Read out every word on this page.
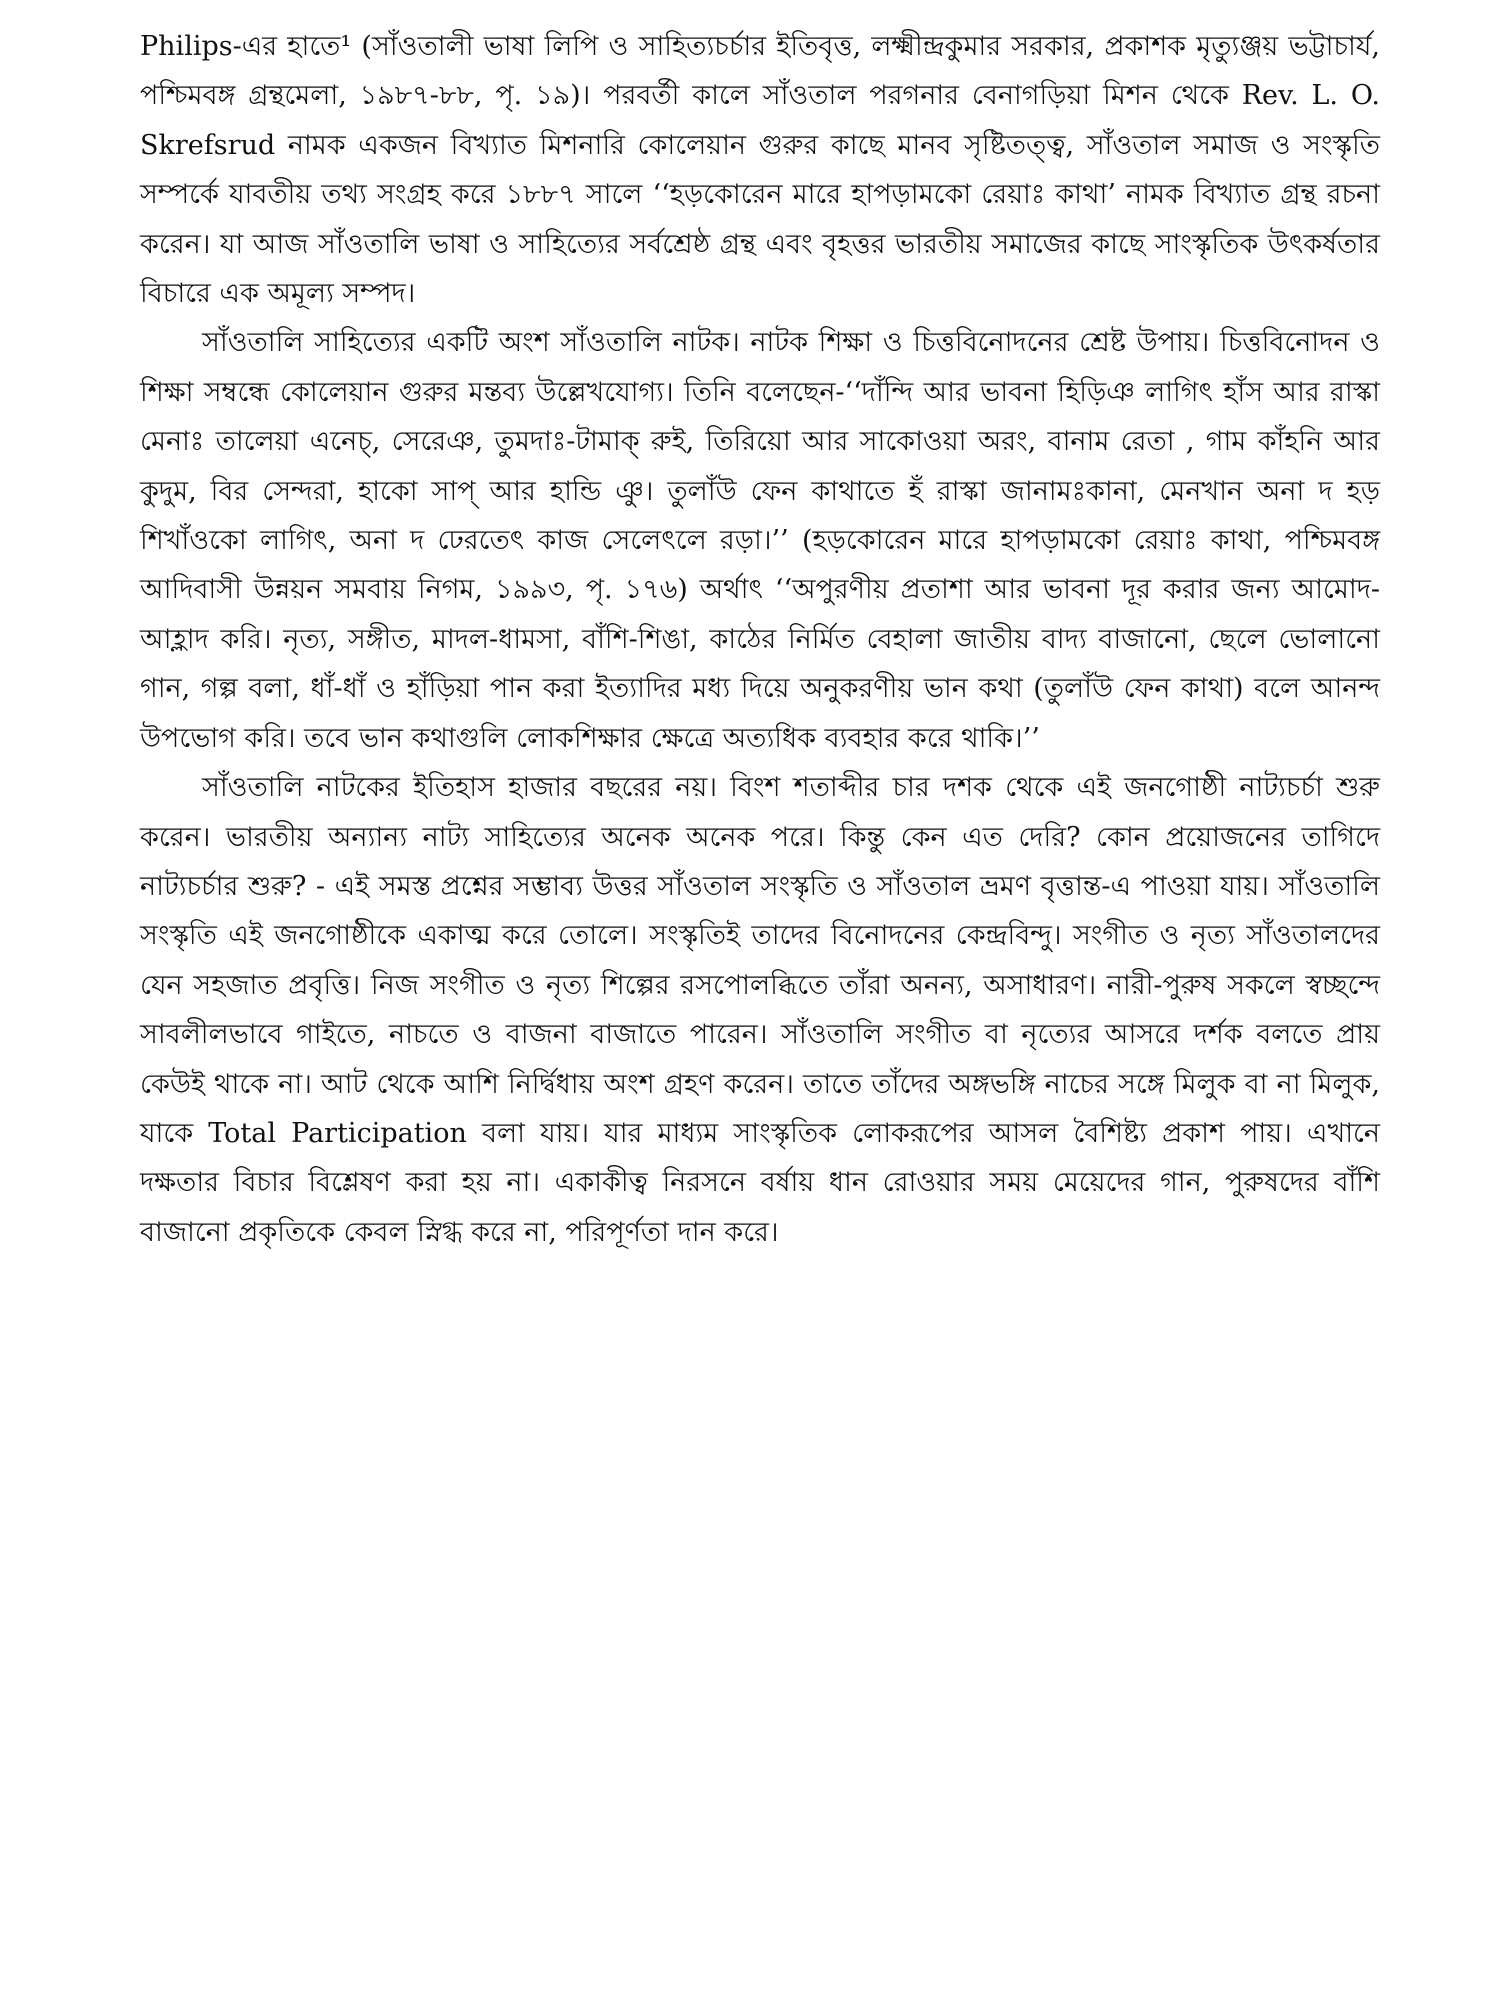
Philips-এর হাতে¹ (সাঁওতালী ভাষা লিপি ও সাহিত্যচর্চার ইতিবৃত্ত, লক্ষ্মীন্দ্রকুমার সরকার, প্রকাশক মৃত্যুঞ্জয় ভট্টাচার্য, পশ্চিমবঙ্গ গ্রন্থমেলা, ১৯৮৭-৮৮, পৃ. ১৯)। পরবর্তী কালে সাঁওতাল পরগনার বেনাগড়িয়া মিশন থেকে Rev. L. O. Skrefsrud নামক একজন বিখ্যাত মিশনারি কোলেয়ান গুরুর কাছে মানব সৃষ্টিতত্ত্ব, সাঁওতাল সমাজ ও সংস্কৃতি সম্পর্কে যাবতীয় তথ্য সংগ্রহ করে ১৮৮৭ সালে ‘‘হড়কোরেন মারে হাপড়ামকো রেয়াঃ কাথা’ নামক বিখ্যাত গ্রন্থ রচনা করেন। যা আজ সাঁওতালি ভাষা ও সাহিত্যের সর্বশ্রেষ্ঠ গ্রন্থ এবং বৃহত্তর ভারতীয় সমাজের কাছে সাংস্কৃতিক উৎকর্ষতার বিচারে এক অমূল্য সম্পদ।

সাঁওতালি সাহিত্যের একটি অংশ সাঁওতালি নাটক। নাটক শিক্ষা ও চিত্তবিনোদনের শ্রেষ্ট উপায়। চিত্তবিনোদন ও শিক্ষা সম্বন্ধে কোলেয়ান গুরুর মন্তব্য উল্লেখযোগ্য। তিনি বলেছেন-‘‘দাঁন্দি আর ভাবনা হিড়িঞ লাগিৎ হাঁস আর রাস্কা মেনাঃ তালেয়া এনেচ্, সেরেঞ, তুমদাঃ-টামাক্ রুই, তিরিয়ো আর সাকোওয়া অরং, বানাম রেতা , গাম কাঁহনি আর কুদুম, বির সেন্দরা, হাকো সাপ্ আর হান্ডি ঞু। তুলাঁউ ফেন কাথাতে হঁ রাস্কা জানামঃকানা, মেনখান অনা দ হড় শিখাঁওকো লাগিৎ, অনা দ ঢেরতেৎ কাজ সেলেৎলে রড়া।’’ (হড়কোরেন মারে হাপড়ামকো রেয়াঃ কাথা, পশ্চিমবঙ্গ আদিবাসী উন্নয়ন সমবায় নিগম, ১৯৯৩, পৃ. ১৭৬) অর্থাৎ ‘‘অপুরণীয় প্রতাশা আর ভাবনা দূর করার জন্য আমোদ-আহ্লাদ করি। নৃত্য, সঙ্গীত, মাদল-ধামসা, বাঁশি-শিঙা, কাঠের নির্মিত বেহালা জাতীয় বাদ্য বাজানো, ছেলে ভোলানো গান, গল্প বলা, ধাঁ-ধাঁ ও হাঁড়িয়া পান করা ইত্যাদির মধ্য দিয়ে অনুকরণীয় ভান কথা (তুলাঁউ ফেন কাথা) বলে আনন্দ উপভোগ করি। তবে ভান কথাগুলি লোকশিক্ষার ক্ষেত্রে অত্যধিক ব্যবহার করে থাকি।’’

সাঁওতালি নাটকের ইতিহাস হাজার বছরের নয়। বিংশ শতাব্দীর চার দশক থেকে এই জনগোষ্ঠী নাট্যচর্চা শুরু করেন। ভারতীয় অন্যান্য নাট্য সাহিত্যের অনেক অনেক পরে। কিন্তু কেন এত দেরি? কোন প্রয়োজনের তাগিদে নাট্যচর্চার শুরু? - এই সমস্ত প্রশ্নের সম্ভাব্য উত্তর সাঁওতাল সংস্কৃতি ও সাঁওতাল ভ্রমণ বৃত্তান্ত-এ পাওয়া যায়। সাঁওতালি সংস্কৃতি এই জনগোষ্ঠীকে একাত্ম করে তোলে। সংস্কৃতিই তাদের বিনোদনের কেন্দ্রবিন্দু। সংগীত ও নৃত্য সাঁওতালদের যেন সহজাত প্রবৃত্তি। নিজ সংগীত ও নৃত্য শিল্পের রসপোলব্ধিতে তাঁরা অনন্য, অসাধারণ। নারী-পুরুষ সকলে স্বচ্ছন্দে সাবলীলভাবে গাইতে, নাচতে ও বাজনা বাজাতে পারেন। সাঁওতালি সংগীত বা নৃত্যের আসরে দর্শক বলতে প্রায় কেউই থাকে না। আট থেকে আশি নির্দ্বিধায় অংশ গ্রহণ করেন। তাতে তাঁদের অঙ্গভঙ্গি নাচের সঙ্গে মিলুক বা না মিলুক, যাকে Total Participation বলা যায়। যার মাধ্যম সাংস্কৃতিক লোকরূপের আসল বৈশিষ্ট্য প্রকাশ পায়। এখানে দক্ষতার বিচার বিশ্লেষণ করা হয় না। একাকীত্ব নিরসনে বর্ষায় ধান রোওয়ার সময় মেয়েদের গান, পুরুষদের বাঁশি বাজানো প্রকৃতিকে কেবল স্নিগ্ধ করে না, পরিপূর্ণতা দান করে।
